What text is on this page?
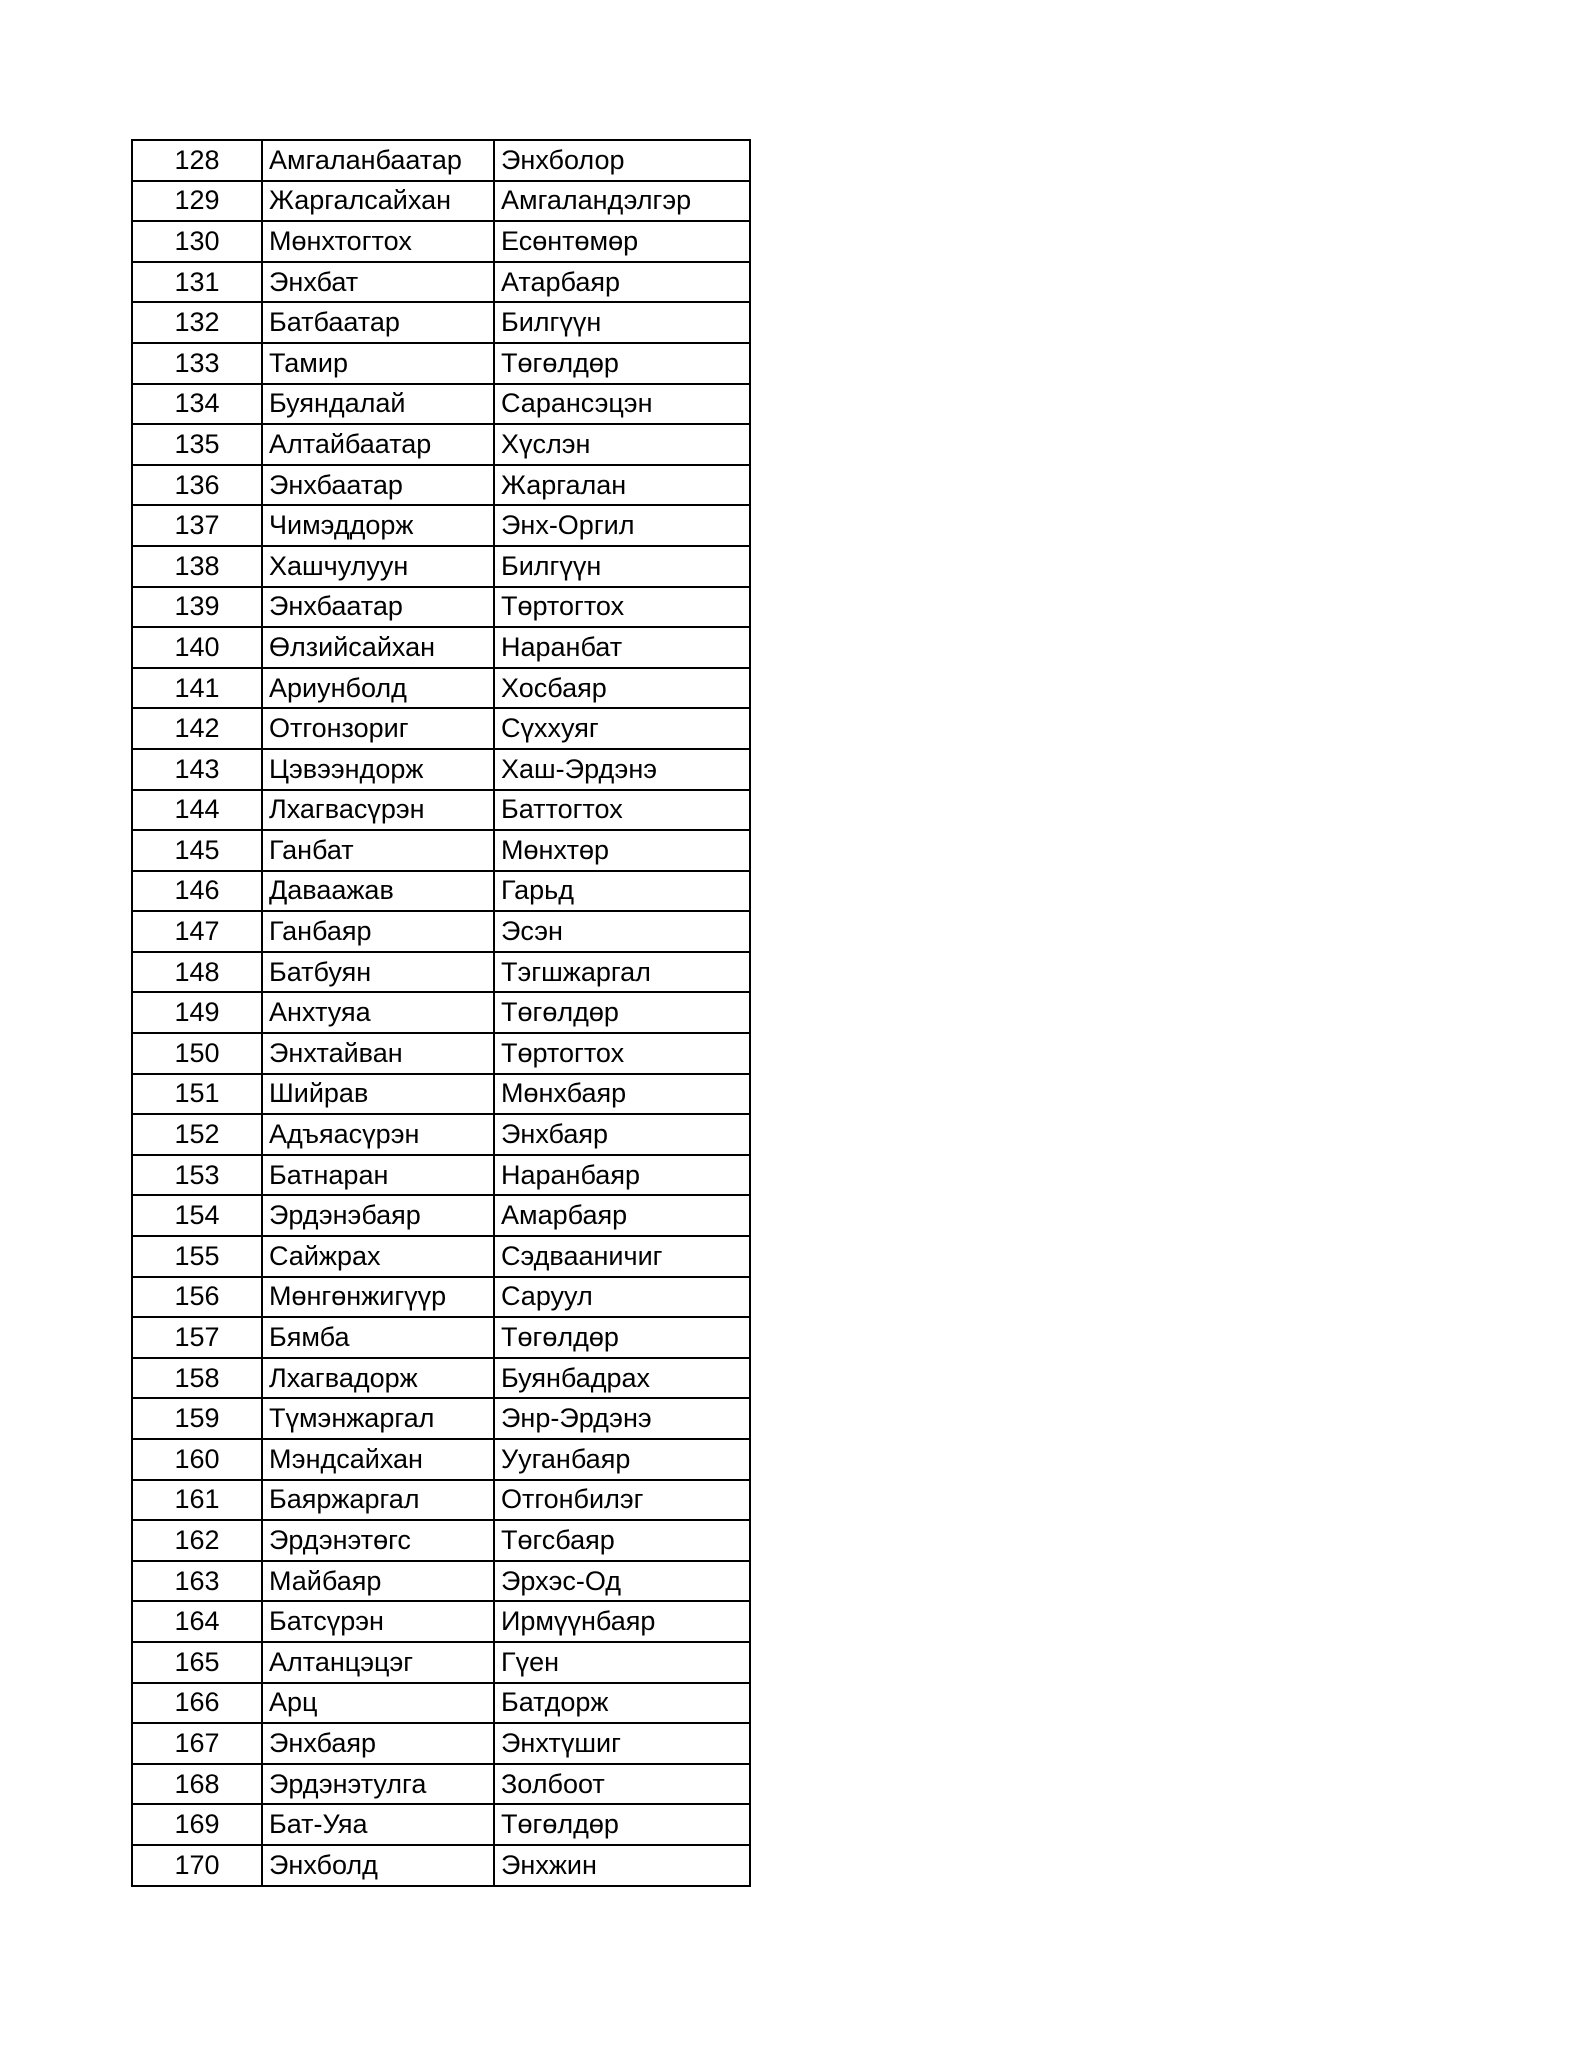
128	Амгаланбаатар	Энхболор
129	Жаргалсайхан	Амгаландэлгэр
130	Мөнхтогтох	Есөнтөмөр
131	Энхбат	Атарбаяр
132	Батбаатар	Билгүүн
133	Тамир	Төгөлдөр
134	Буяндалай	Сарансэцэн
135	Алтайбаатар	Хүслэн
136	Энхбаатар	Жаргалан
137	Чимэддорж	Энх-Оргил
138	Хашчулуун	Билгүүн
139	Энхбаатар	Төртогтох
140	Өлзийсайхан	Наранбат
141	Ариунболд	Хосбаяр
142	Отгонзориг	Сүххуяг
143	Цэвээндорж	Хаш-Эрдэнэ
144	Лхагвасүрэн	Баттогтох
145	Ганбат	Мөнхтөр
146	Даваажав	Гарьд
147	Ганбаяр	Эсэн
148	Батбуян	Тэгшжаргал
149	Анхтуяа	Төгөлдөр
150	Энхтайван	Төртогтох
151	Шийрав	Мөнхбаяр
152	Адъяасүрэн	Энхбаяр
153	Батнаран	Наранбаяр
154	Эрдэнэбаяр	Амарбаяр
155	Сайжрах	Сэдвааничиг
156	Мөнгөнжигүүр	Саруул
157	Бямба	Төгөлдөр
158	Лхагвадорж	Буянбадрах
159	Түмэнжаргал	Энр-Эрдэнэ
160	Мэндсайхан	Ууганбаяр
161	Баяржаргал	Отгонбилэг
162	Эрдэнэтөгс	Төгсбаяр
163	Майбаяр	Эрхэс-Од
164	Батсүрэн	Ирмүүнбаяр
165	Алтанцэцэг	Гүен
166	Арц	Батдорж
167	Энхбаяр	Энхтүшиг
168	Эрдэнэтулга	Золбоот
169	Бат-Уяа	Төгөлдөр
170	Энхболд	Энхжин
